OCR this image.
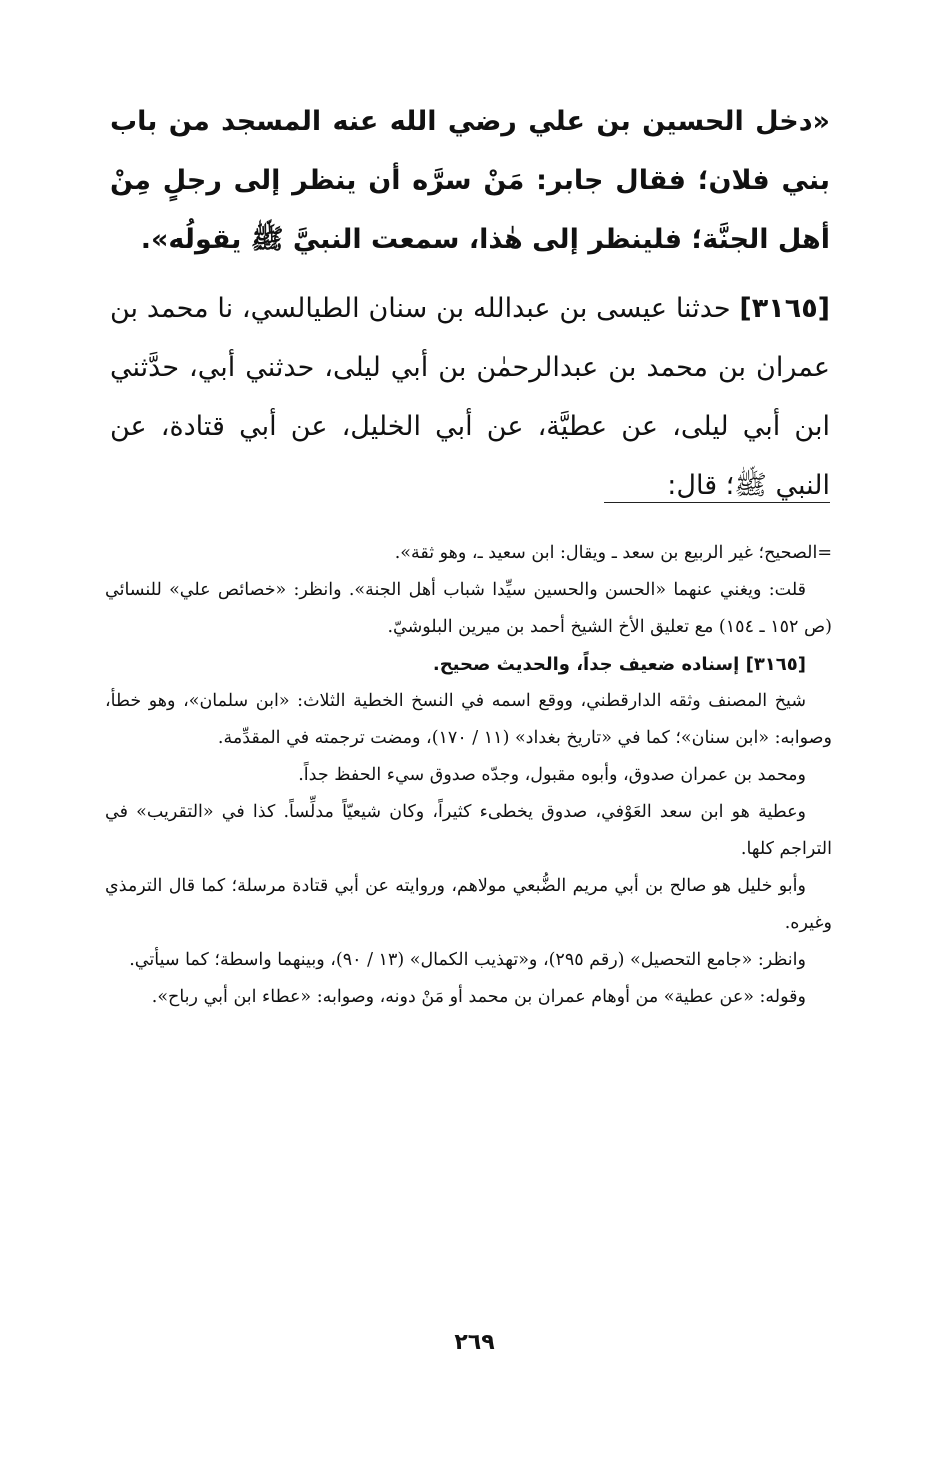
«دخل الحسين بن علي رضي الله عنه المسجد من باب بني فلان؛ فقال جابر: مَنْ سرَّه أن ينظر إلى رجلٍ مِنْ أهل الجنَّة؛ فلينظر إلى هٰذا، سمعت النبيَّ ﷺ يقولُه».

[٣١٦٥] حدثنا عيسى بن عبدالله بن سنان الطيالسي، نا محمد بن عمران بن محمد بن عبدالرحمٰن بن أبي ليلى، حدثني أبي، حدَّثني ابن أبي ليلى، عن عطيَّة، عن أبي الخليل، عن أبي قتادة، عن النبي ﷺ؛ قال:

=الصحيح؛ غير الربيع بن سعد ـ ويقال: ابن سعيد ـ، وهو ثقة».

قلت: ويغني عنهما «الحسن والحسين سيِّدا شباب أهل الجنة». وانظر: «خصائص علي» للنسائي (ص ١٥٢ ـ ١٥٤) مع تعليق الأخ الشيخ أحمد بن ميرين البلوشيّ.

[٣١٦٥] إسناده ضعيف جداً، والحديث صحيح.

شيخ المصنف وثقه الدارقطني، ووقع اسمه في النسخ الخطية الثلاث: «ابن سلمان»، وهو خطأ، وصوابه: «ابن سنان»؛ كما في «تاريخ بغداد» (١١ / ١٧٠)، ومضت ترجمته في المقدِّمة.

ومحمد بن عمران صدوق، وأبوه مقبول، وجدّه صدوق سيء الحفظ جداً.

وعطية هو ابن سعد العَوْفي، صدوق يخطىء كثيراً، وكان شيعيّاً مدلِّساً. كذا في «التقريب» في التراجم كلها.

وأبو خليل هو صالح بن أبي مريم الضُّبعي مولاهم، وروايته عن أبي قتادة مرسلة؛ كما قال الترمذي وغيره.

وانظر: «جامع التحصيل» (رقم ٢٩٥)، و«تهذيب الكمال» (١٣ / ٩٠)، وبينهما واسطة؛ كما سيأتي.

وقوله: «عن عطية» من أوهام عمران بن محمد أو مَنْ دونه، وصوابه: «عطاء ابن أبي رباح».

٢٦٩
